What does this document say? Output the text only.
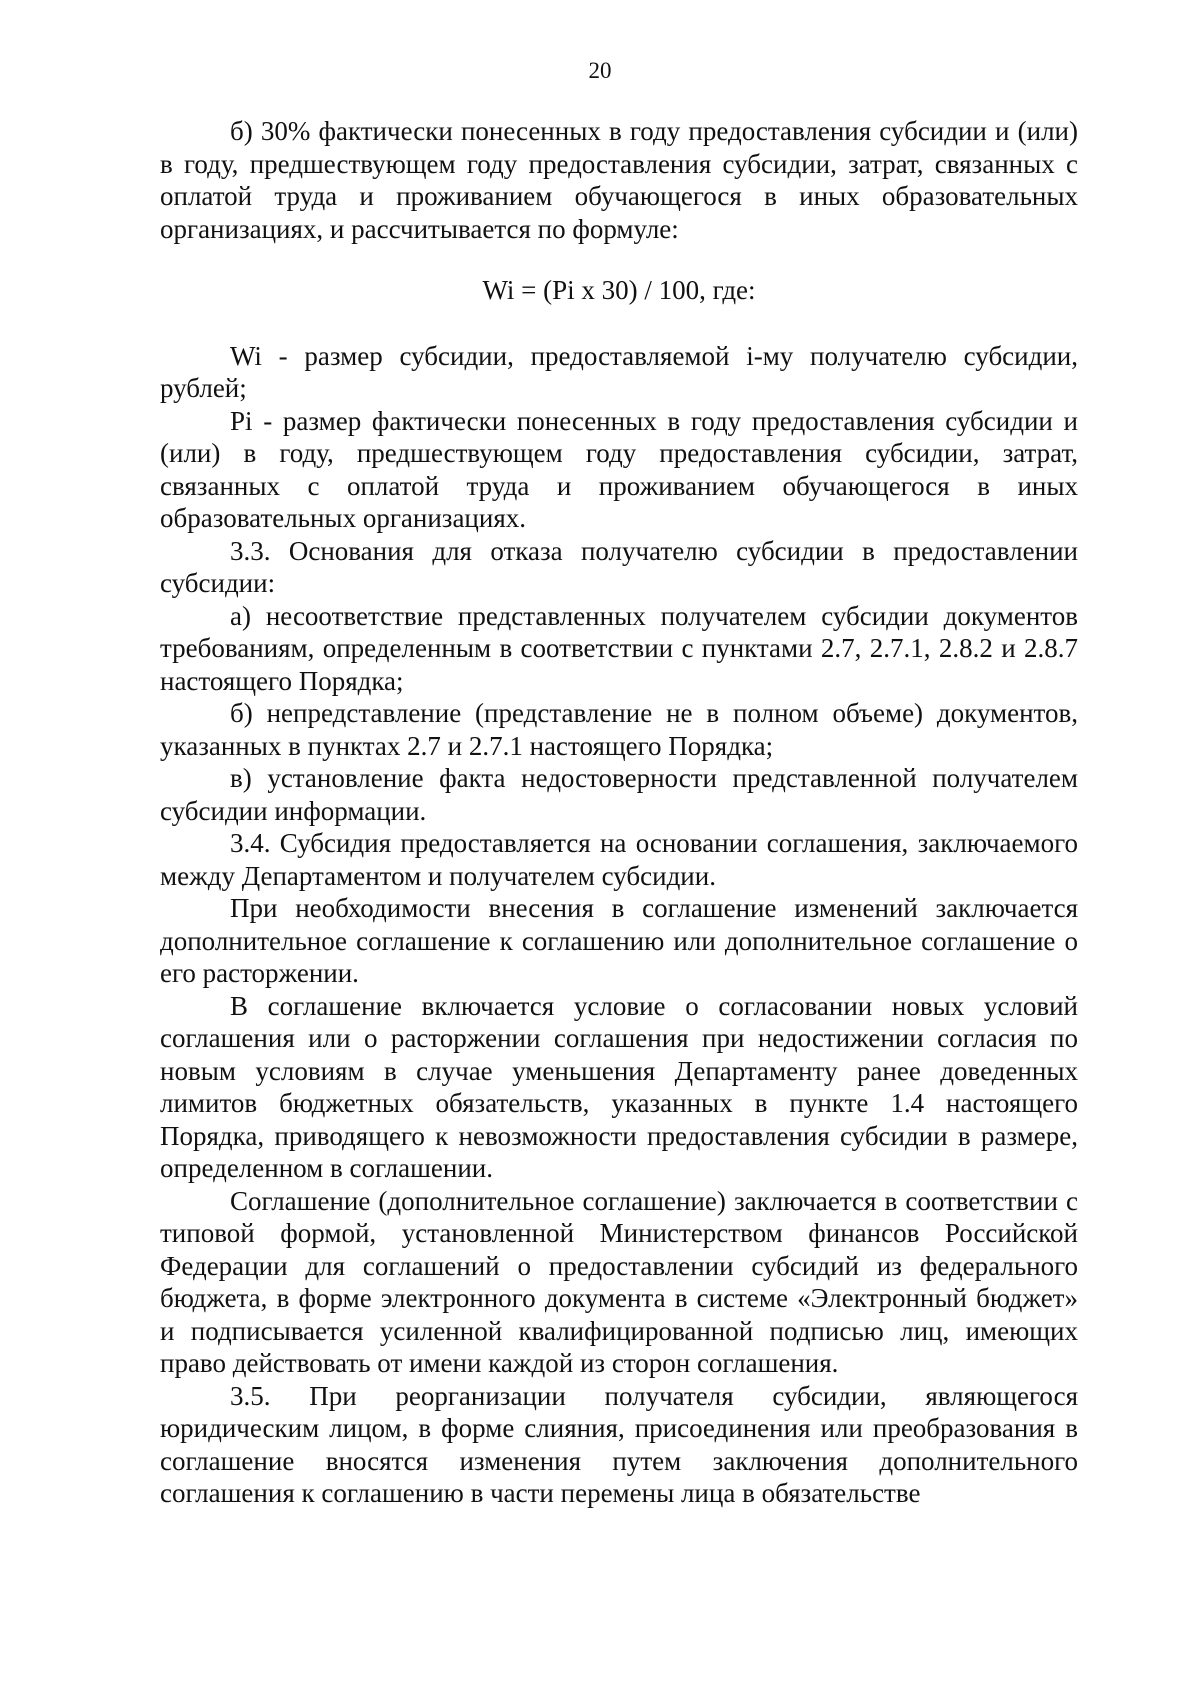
20

б) 30% фактически понесенных в году предоставления субсидии и (или) в году, предшествующем году предоставления субсидии, затрат, связанных с оплатой труда и проживанием обучающегося в иных образовательных организациях, и рассчитывается по формуле:

Wi = (Pi x 30) / 100, где:

Wi - размер субсидии, предоставляемой i-му получателю субсидии, рублей;

Pi - размер фактически понесенных в году предоставления субсидии и (или) в году, предшествующем году предоставления субсидии, затрат, связанных с оплатой труда и проживанием обучающегося в иных образовательных организациях.

3.3. Основания для отказа получателю субсидии в предоставлении субсидии:

а) несоответствие представленных получателем субсидии документов требованиям, определенным в соответствии с пунктами 2.7, 2.7.1, 2.8.2 и 2.8.7 настоящего Порядка;

б) непредставление (представление не в полном объеме) документов, указанных в пунктах 2.7 и 2.7.1 настоящего Порядка;

в) установление факта недостоверности представленной получателем субсидии информации.

3.4. Субсидия предоставляется на основании соглашения, заключаемого между Департаментом и получателем субсидии.

При необходимости внесения в соглашение изменений заключается дополнительное соглашение к соглашению или дополнительное соглашение о его расторжении.

В соглашение включается условие о согласовании новых условий соглашения или о расторжении соглашения при недостижении согласия по новым условиям в случае уменьшения Департаменту ранее доведенных лимитов бюджетных обязательств, указанных в пункте 1.4 настоящего Порядка, приводящего к невозможности предоставления субсидии в размере, определенном в соглашении.

Соглашение (дополнительное соглашение) заключается в соответствии с типовой формой, установленной Министерством финансов Российской Федерации для соглашений о предоставлении субсидий из федерального бюджета, в форме электронного документа в системе «Электронный бюджет» и подписывается усиленной квалифицированной подписью лиц, имеющих право действовать от имени каждой из сторон соглашения.

3.5. При реорганизации получателя субсидии, являющегося юридическим лицом, в форме слияния, присоединения или преобразования в соглашение вносятся изменения путем заключения дополнительного соглашения к соглашению в части перемены лица в обязательстве
